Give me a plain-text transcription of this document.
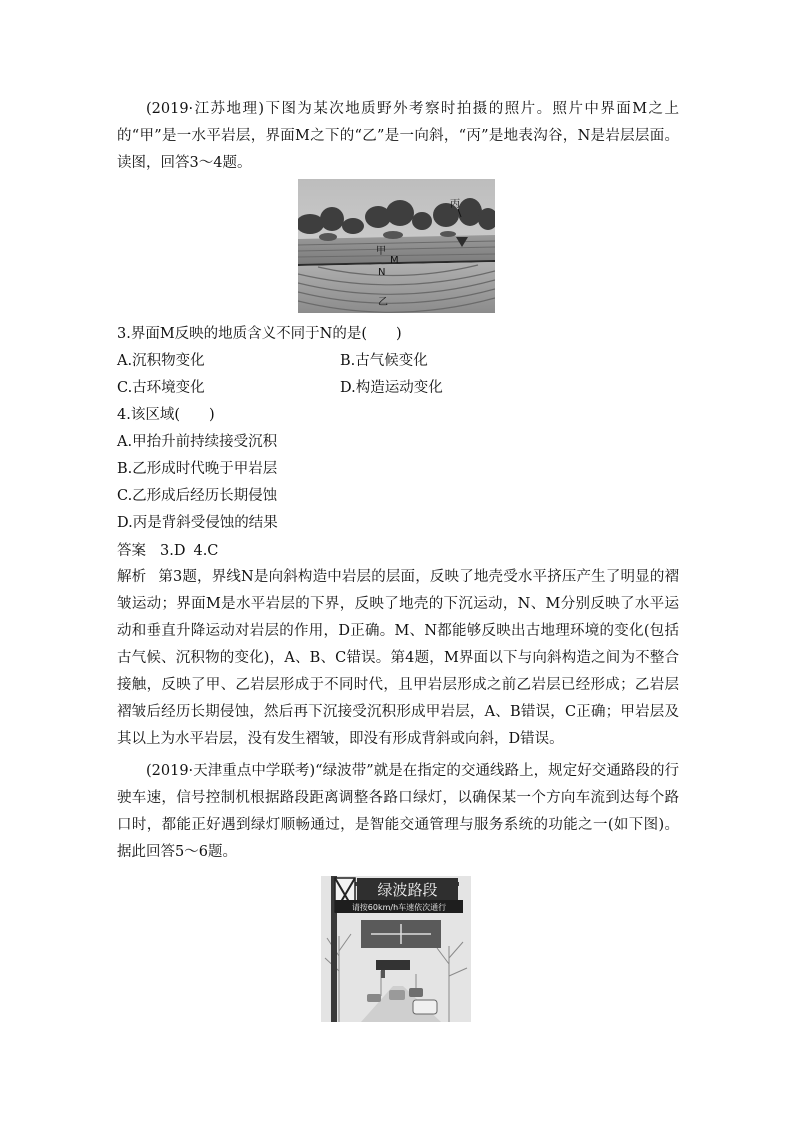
(2019·江苏地理)下图为某次地质野外考察时拍摄的照片。照片中界面M之上的“甲”是一水平岩层，界面M之下的“乙”是一向斜，“丙”是地表沟谷，N是岩层层面。读图，回答3～4题。

甲
M
N
乙
丙
3.界面M反映的地质含义不同于N的是(　　)
A.沉积物变化	B.古气候变化
C.古环境变化	D.构造运动变化
4.该区域(　　)
A.甲抬升前持续接受沉积
B.乙形成时代晚于甲岩层
C.乙形成后经历长期侵蚀
D.丙是背斜受侵蚀的结果
答案 3.D 4.C

解析 第3题，界线N是向斜构造中岩层的层面，反映了地壳受水平挤压产生了明显的褶皱运动；界面M是水平岩层的下界，反映了地壳的下沉运动，N、M分别反映了水平运动和垂直升降运动对岩层的作用，D正确。M、N都能够反映出古地理环境的变化(包括古气候、沉积物的变化)，A、B、C错误。第4题，M界面以下与向斜构造之间为不整合接触，反映了甲、乙岩层形成于不同时代，且甲岩层形成之前乙岩层已经形成；乙岩层褶皱后经历长期侵蚀，然后再下沉接受沉积形成甲岩层，A、B错误，C正确；甲岩层及其以上为水平岩层，没有发生褶皱，即没有形成背斜或向斜，D错误。

(2019·天津重点中学联考)“绿波带”就是在指定的交通线路上，规定好交通路段的行驶车速，信号控制机根据路段距离调整各路口绿灯，以确保某一个方向车流到达每个路口时，都能正好遇到绿灯顺畅通过，是智能交通管理与服务系统的功能之一(如下图)。据此回答5～6题。

绿波路段
请按60km/h车速依次通行
